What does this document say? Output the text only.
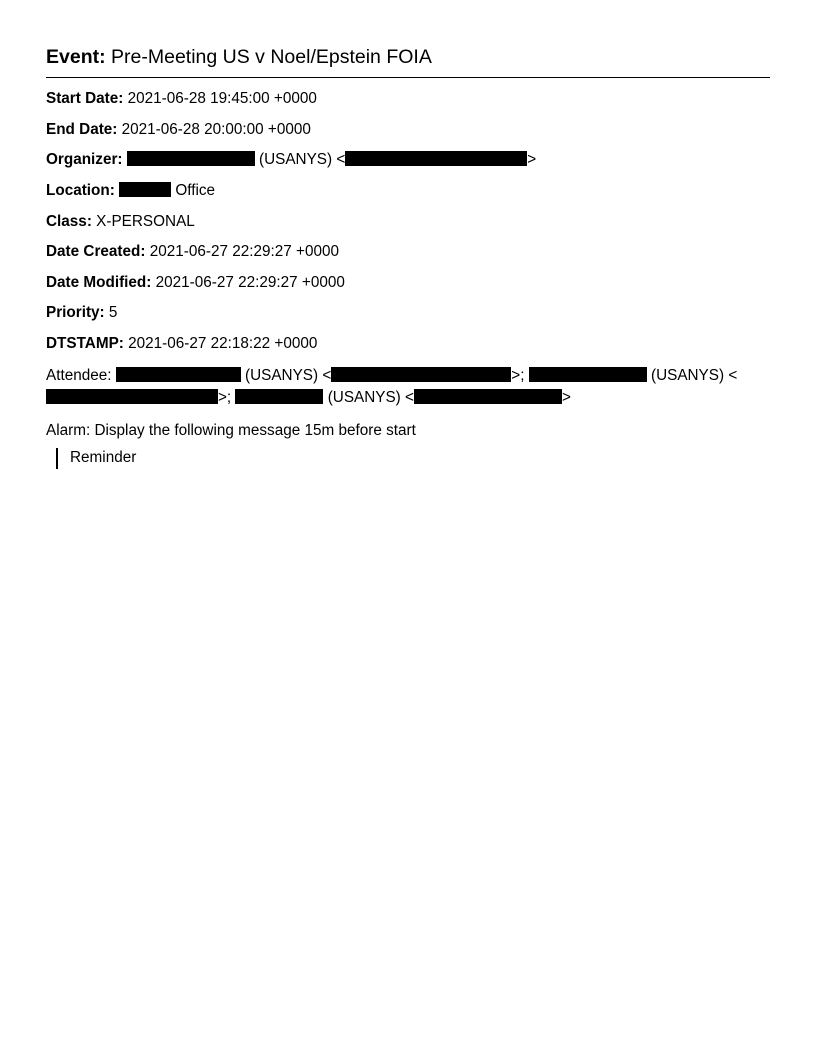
Event: Pre-Meeting US v Noel/Epstein FOIA

Start Date: 2021-06-28 19:45:00 +0000

End Date: 2021-06-28 20:00:00 +0000

Organizer:	(USANYS) <	>

Location:	Office

Class: X-PERSONAL

Date Created: 2021-06-27 22:29:27 +0000

Date Modified: 2021-06-27 22:29:27 +0000

Priority: 5

DTSTAMP: 2021-06-27 22:18:22 +0000

Attendee:	(USANYS) <	>;	(USANYS) <>;	(USANYS) <	>

Alarm: Display the following message 15m before start

Reminder
